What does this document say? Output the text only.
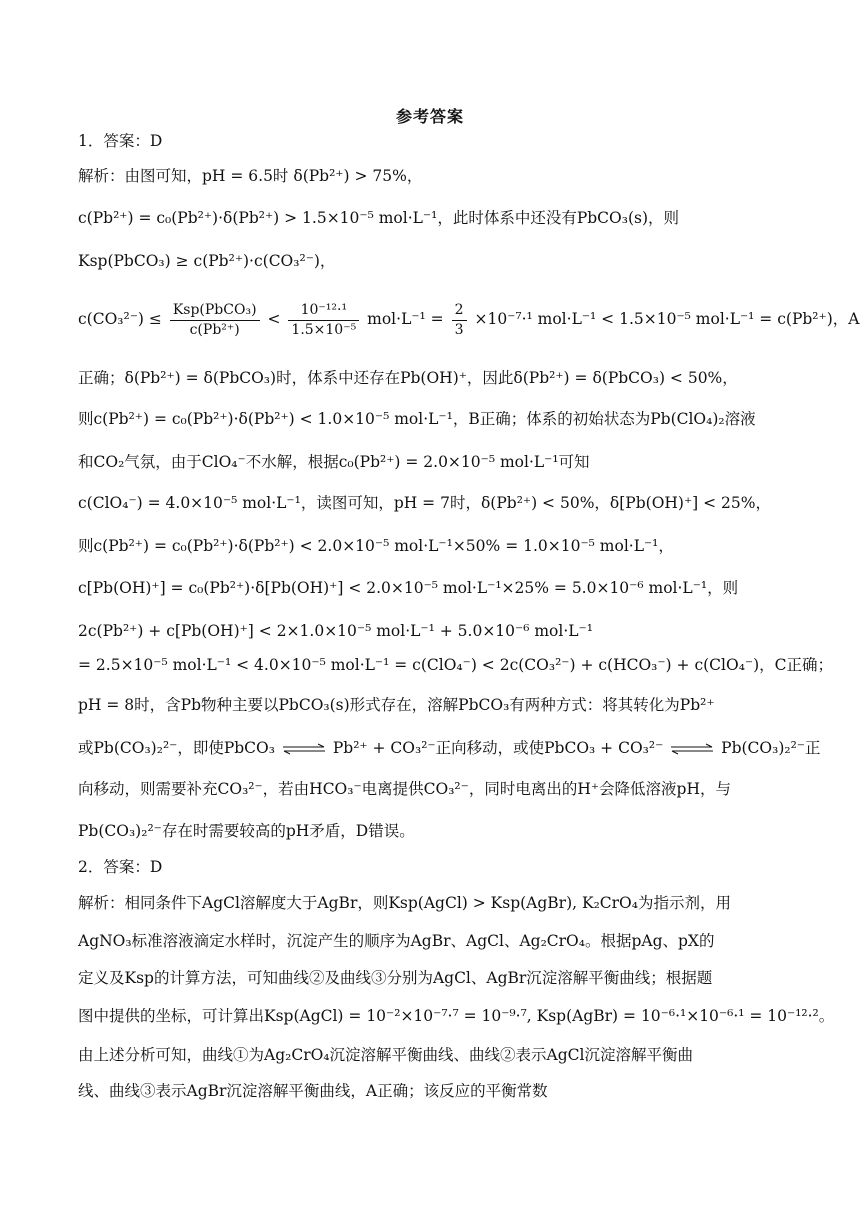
参考答案
1．答案：D
解析：由图可知，pH = 6.5时 δ(Pb²⁺) > 75%，
c(Pb²⁺) = c₀(Pb²⁺)·δ(Pb²⁺) > 1.5×10⁻⁵ mol·L⁻¹，此时体系中还没有PbCO₃(s)，则
Ksp(PbCO₃) ≥ c(Pb²⁺)·c(CO₃²⁻)，
$c(CO_3^{2-}) \le \frac{\text{Ksp(PbCO₃)}}{\text{c(Pb²⁺)}} < \frac{\text{10⁻¹²·¹}}{\text{1.5×10⁻⁵}} mol\cdot L^{-1} = \frac{2}{3} \times 10^{-7}\cdot^1$ mol·L⁻¹ < 1.5×10⁻⁵ mol·L⁻¹ = c(Pb²⁺)，A
正确；δ(Pb²⁺) = δ(PbCO₃)时，体系中还存在Pb(OH)⁺，因此δ(Pb²⁺) = δ(PbCO₃) < 50%，
则c(Pb²⁺) = c₀(Pb²⁺)·δ(Pb²⁺) < 1.0×10⁻⁵ mol·L⁻¹，B正确；体系的初始状态为Pb(ClO₄)₂溶液
和CO₂气氛，由于ClO₄⁻不水解，根据c₀(Pb²⁺) = 2.0×10⁻⁵ mol·L⁻¹可知
c(ClO₄⁻) = 4.0×10⁻⁵ mol·L⁻¹，读图可知，pH = 7时，δ(Pb²⁺) < 50%，δ[Pb(OH)⁺] < 25%，
则c(Pb²⁺) = c₀(Pb²⁺)·δ(Pb²⁺) < 2.0×10⁻⁵ mol·L⁻¹×50% = 1.0×10⁻⁵ mol·L⁻¹，
c[Pb(OH)⁺] = c₀(Pb²⁺)·δ[Pb(OH)⁺] < 2.0×10⁻⁵ mol·L⁻¹×25% = 5.0×10⁻⁶ mol·L⁻¹，则
2c(Pb²⁺) + c[Pb(OH)⁺] < 2×1.0×10⁻⁵ mol·L⁻¹ + 5.0×10⁻⁶ mol·L⁻¹
= 2.5×10⁻⁵ mol·L⁻¹ < 4.0×10⁻⁵ mol·L⁻¹ = c(ClO₄⁻) < 2c(CO₃²⁻) + c(HCO₃⁻) + c(ClO₄⁻)，C正确；
pH = 8时，含Pb物种主要以PbCO₃(s)形式存在，溶解PbCO₃有两种方式：将其转化为Pb²⁺
或Pb(CO₃)₂²⁻，即使PbCO₃ ⇌ Pb²⁺ + CO₃²⁻正向移动，或使PbCO₃ + CO₃²⁻ ⇌ Pb(CO₃)₂²⁻正
向移动，则需要补充CO₃²⁻，若由HCO₃⁻电离提供CO₃²⁻，同时电离出的H⁺会降低溶液pH，与
Pb(CO₃)₂²⁻存在时需要较高的pH矛盾，D错误。
2．答案：D
解析：相同条件下AgCl溶解度大于AgBr，则Ksp(AgCl) > Ksp(AgBr), K₂CrO₄为指示剂，用
AgNO₃标准溶液滴定水样时，沉淀产生的顺序为AgBr、AgCl、Ag₂CrO₄。根据pAg、pX的
定义及Ksp的计算方法，可知曲线②及曲线③分别为AgCl、AgBr沉淀溶解平衡曲线；根据题
图中提供的坐标，可计算出Ksp(AgCl) = 10⁻²×10⁻⁷·⁷ = 10⁻⁹·⁷, Ksp(AgBr) = 10⁻⁶·¹×10⁻⁶·¹ = 10⁻¹²·²。
由上述分析可知，曲线①为Ag₂CrO₄沉淀溶解平衡曲线、曲线②表示AgCl沉淀溶解平衡曲
线、曲线③表示AgBr沉淀溶解平衡曲线，A正确；该反应的平衡常数
